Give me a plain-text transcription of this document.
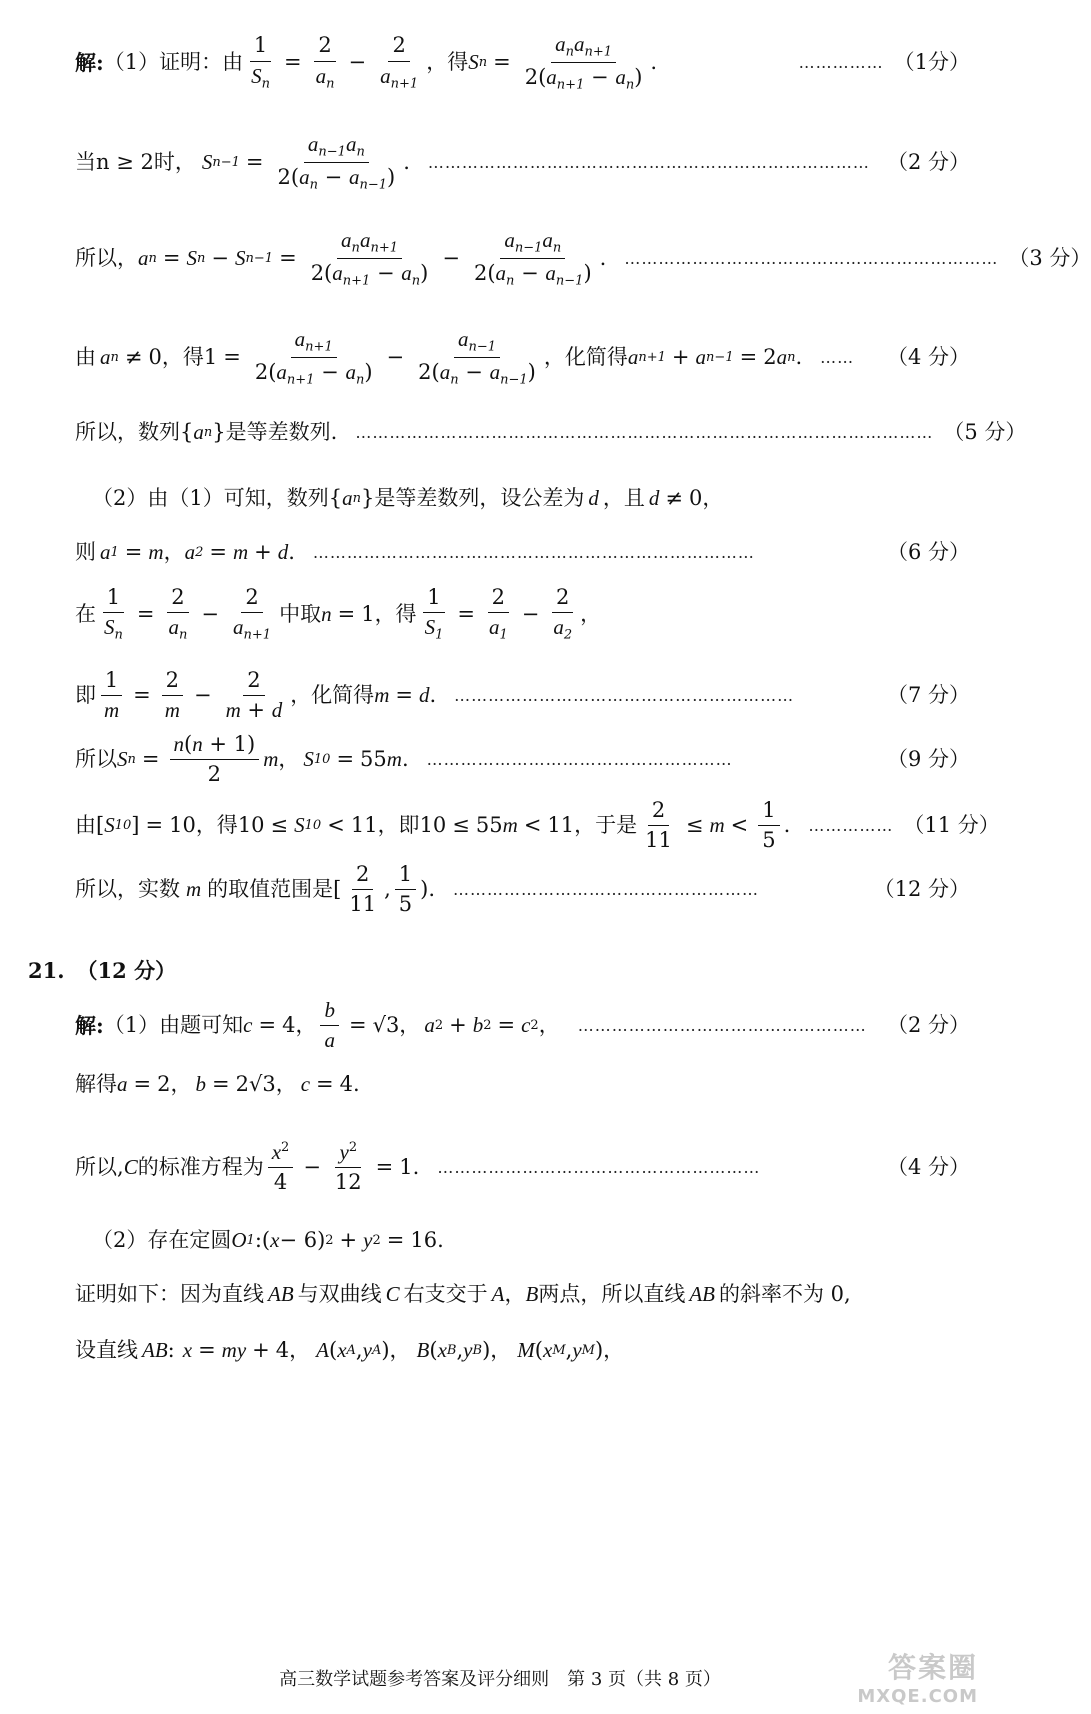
解: （1）证明：由 $\frac{1}{S_n} = \frac{2}{a_n} - \frac{2}{a_{n+1}}$ ，得 S $n = \frac{a_na_{n+1}}{2(a_{n+1} - a_n)}$ .	…………… （1分）
当 n ≥ 2时， S $n-1 = \frac{a_{n-1}a_n}{2(a_n - a_{n-1})}$ . …………………………………………………………………… （2 分）
所以， a n = S n − S $n-1 = \frac{a_na_{n+1}}{2(a_{n+1} - a_n)} - \frac{a_{n-1}a_n}{2(a_n - a_{n-1})}$ . ………………………………………………………… （3 分）
由 a n ≠ 0 ，得 $1 = \frac{a_{n+1}}{2(a_{n+1} - a_n)} - \frac{a_{n-1}}{2(a_n - a_{n-1})}$ ，化简得 a n+1 + a n−1 = 2 a n . ……	（4 分）
所以，数列 { a n } 是等差数列. ………………………………………………………………………………………… （5 分）
（2）由（1）可知，数列 { a n } 是等差数列，设公差为 d ，且 d ≠ 0，
则 a 1 = m ， a 2 = m + d . ……………………………………………………………………	（6 分）
在 $\frac{1}{S_n} = \frac{2}{a_n} - \frac{2}{a_{n+1}}$ 中取 n = 1 ，得 $\frac{1}{S_1} = \frac{2}{a_1} - \frac{2}{a_2}$ ，
即 $\frac{1}{m} = \frac{2}{m} - \frac{2}{m + d}$ ，化简得 m = d . ……………………………………………………	（7 分）
所以 S $n = \frac{n(n + 1)}{2}$ m ， S 10 = 55 m . ………………………………………………	（9 分）
由 [ S 10 ] = 10 ，得 10 ≤ S 10 < 11 ，即 10 ≤ 55 m < 11 ，于是 $\frac{2}{11} \le m < \frac{1}{5}$ . …………… （11 分）
所以，实数 m 的取值范围是 [ $\frac{2}{11}$ , $\frac{1}{5}$ ). ………………………………………………	（12 分）
21. （12 分）
解: （1）由题可知 c = 4， $\frac{b}{a} = √3$， a 2 + b 2 = c 2 ， …………………………………………… （2 分）
解得 a = 2， b = 2√3， c = 4.
所以, C 的标准方程为 $\frac{x^2}{4} - \frac{y^2}{12} = 1$. …………………………………………………	（4 分）
（2）存在定圆 O 1 :( x − 6) 2 + y 2 = 16.
证明如下：因为直线 AB 与双曲线 C 右支交于 A ， B 两点，所以直线 AB 的斜率不为 0,
设直线 AB : x = my + 4， A ( x A , y A )， B ( x B , y B )， M ( x M , y M )，
高三数学试题参考答案及评分细则　第 3 页（共 8 页）	答案圈
MXQE.COM
